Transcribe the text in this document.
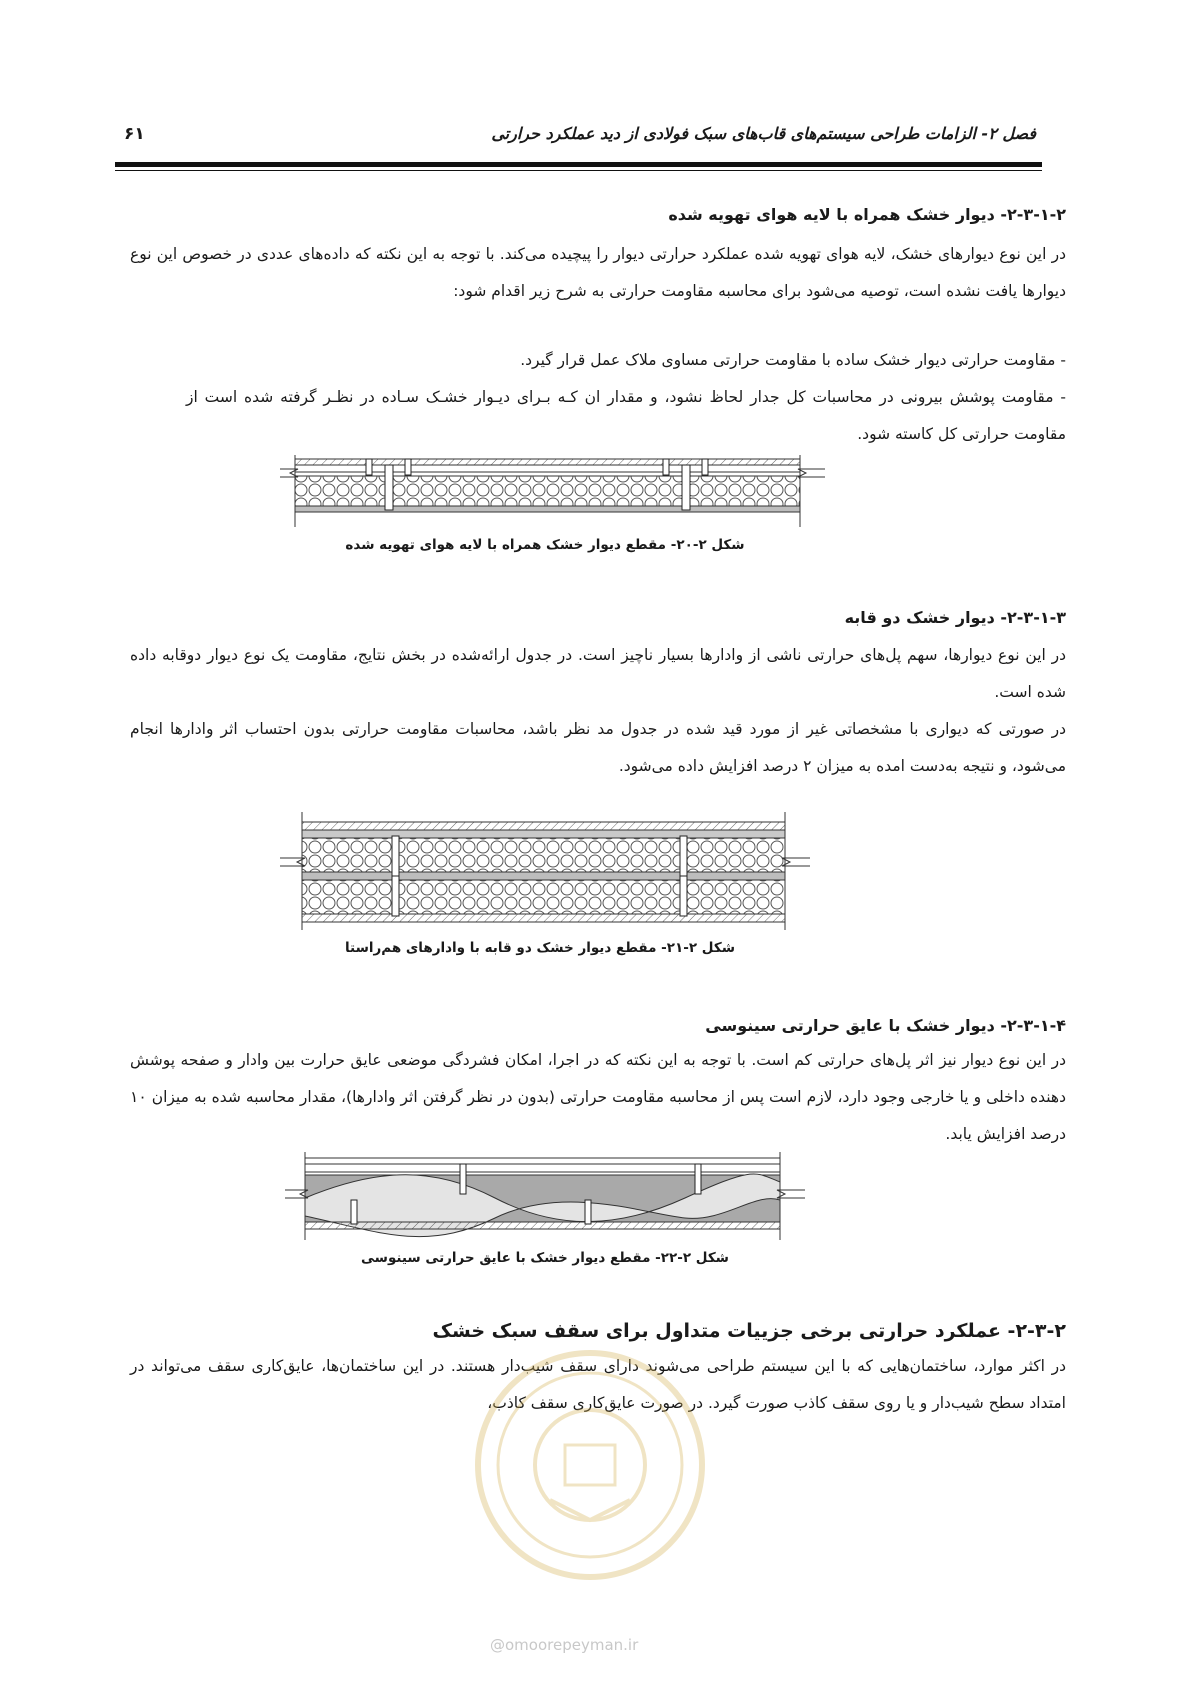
فصل ۲- الزامات طراحی سیستم‌های قاب‌های سبک فولادی از دید عملکرد حرارتی
۶۱
۲-۳-۱-۲- دیوار خشک همراه با لایه هوای تهویه شده
در این نوع دیوارهای خشک، لایه هوای تهویه شده عملکرد حرارتی دیوار را پیچیده می‌کند. با توجه به این نکته که داده‌های عددی در خصوص این نوع دیوارها یافت نشده است، توصیه می‌شود برای محاسبه مقاومت حرارتی به شرح زیر اقدام شود:
- مقاومت حرارتی دیوار خشک ساده با مقاومت حرارتی مساوی ملاک عمل قرار گیرد.
- مقاومت پوشش بیرونی در محاسبات کل جدار لحاظ نشود، و مقدار ان کـه بـرای دیـوار خشـک سـاده در نظـر گرفته شده است از مقاومت حرارتی کل کاسته شود.
شکل ۲-۲۰- مقطع دیوار خشک همراه با لایه هوای تهویه شده
۲-۳-۱-۳- دیوار خشک دو قابه
در این نوع دیوارها، سهم پل‌های حرارتی ناشی از وادارها بسیار ناچیز است. در جدول ارائه‌شده در بخش نتایج، مقاومت یک نوع دیوار دوقابه داده شده است.
در صورتی که دیواری با مشخصاتی غیر از مورد قید شده در جدول مد نظر باشد، محاسبات مقاومت حرارتی بدون احتساب اثر وادارها انجام می‌شود، و نتیجه به‌دست امده به میزان ۲ درصد افزایش داده می‌شود.
شکل ۲-۲۱- مقطع دیوار خشک دو قابه با وادارهای هم‌راستا
۲-۳-۱-۴- دیوار خشک با عایق حرارتی سینوسی
در این نوع دیوار نیز اثر پل‌های حرارتی کم است. با توجه به این نکته که در اجرا، امکان فشردگی موضعی عایق حرارت بین وادار و صفحه پوشش دهنده داخلی و یا خارجی وجود دارد، لازم است پس از محاسبه مقاومت حرارتی (بدون در نظر گرفتن اثر وادارها)، مقدار محاسبه شده به میزان ۱۰ درصد افزایش یابد.
شکل ۲-۲۲- مقطع دیوار خشک با عایق حرارتی سینوسی
۲-۳-۲- عملکرد حرارتی برخی جزییات متداول برای سقف سبک خشک
در اکثر موارد، ساختمان‌هایی که با این سیستم طراحی می‌شوند دارای سقف شیب‌دار هستند. در این ساختمان‌ها، عایق‌کاری سقف می‌تواند در امتداد سطح شیب‌دار و یا روی سقف کاذب صورت گیرد. در صورت عایق‌کاری سقف کاذب،
@omoorepeyman.ir
